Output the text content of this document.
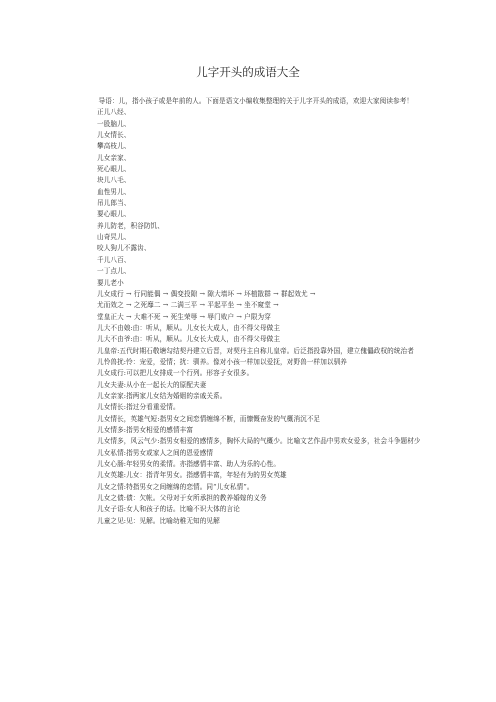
儿字开头的成语大全

导语：儿，指小孩子或是年前的人。下面是语文小编收集整理的关于儿字开头的成语，欢迎大家阅读参考！

正儿八经、
一股脑儿、
儿女情长、
攀高枝儿、
儿女亲家、
死心眼儿、
块儿八毛、
血性男儿、
吊儿郎当、
要心眼儿、
养儿防老，积谷防饥、
山奇旯儿、
咬人狗儿不露齿、
千儿八百、
一丁点儿、
要儿老小
儿女成行 → 行同能偶 → 偶变投隙 → 隙大墙坏 → 坏植散群 → 群起效尤 →
尤而效之 → 之死靡二 → 二满三平 → 平起平坐 → 坐不窥堂 →
堂皇正大 → 大难不死 → 死生荣辱 → 辱门败户 → 户限为穿

儿大不由娘:由：听从，顺从。儿女长大成人，由不得父母做主

儿大不由爷:由：听从，顺从。儿女长大成人，由不得父母做主

儿皇帝:五代时期石敬塘勾结契丹建立后晋，对契丹主自称儿皇帝。后泛指投靠外国，建立傀儡政权的统治者

儿怜兽扰:怜：宠爱，爱情；扰：驯养。像对小孩一样加以爱抚，对野兽一样加以驯养

儿女成行:可以把儿女排成一个行列。形容子女很多。

儿女夫妻:从小在一起长大的原配夫妻

儿女亲家:指两家儿女结为婚姻的亲戚关系。

儿女情长:指过分看重爱情。

儿女情长，英雄气短:指男女之间恋情缠绵不断，而慷慨奋发的气概消沉不足

儿女情多:指男女相爱的感情丰富

儿女情多，风云气少:指男女相爱的感情多，胸怀大局的气概少。比喻文艺作品中男欢女爱多，社会斗争题材少

儿女私情:指男女或家人之间的恩爱感情

儿女心肠:年轻男女的柔情。亦指感情丰富、助人为乐的心性。

儿女英雄:儿女：指青年男女。指感情丰富，年轻有为的男女英雄

儿女之情:特指男女之间缠绵的恋情。同“儿女私情”。

儿女之债:债：欠帐。父母对于女所承担的教养婚嫁的义务

儿女子语:女人和孩子的话。比喻不识大体的言论

儿童之见:见：见解。比喻幼稚无知的见解
